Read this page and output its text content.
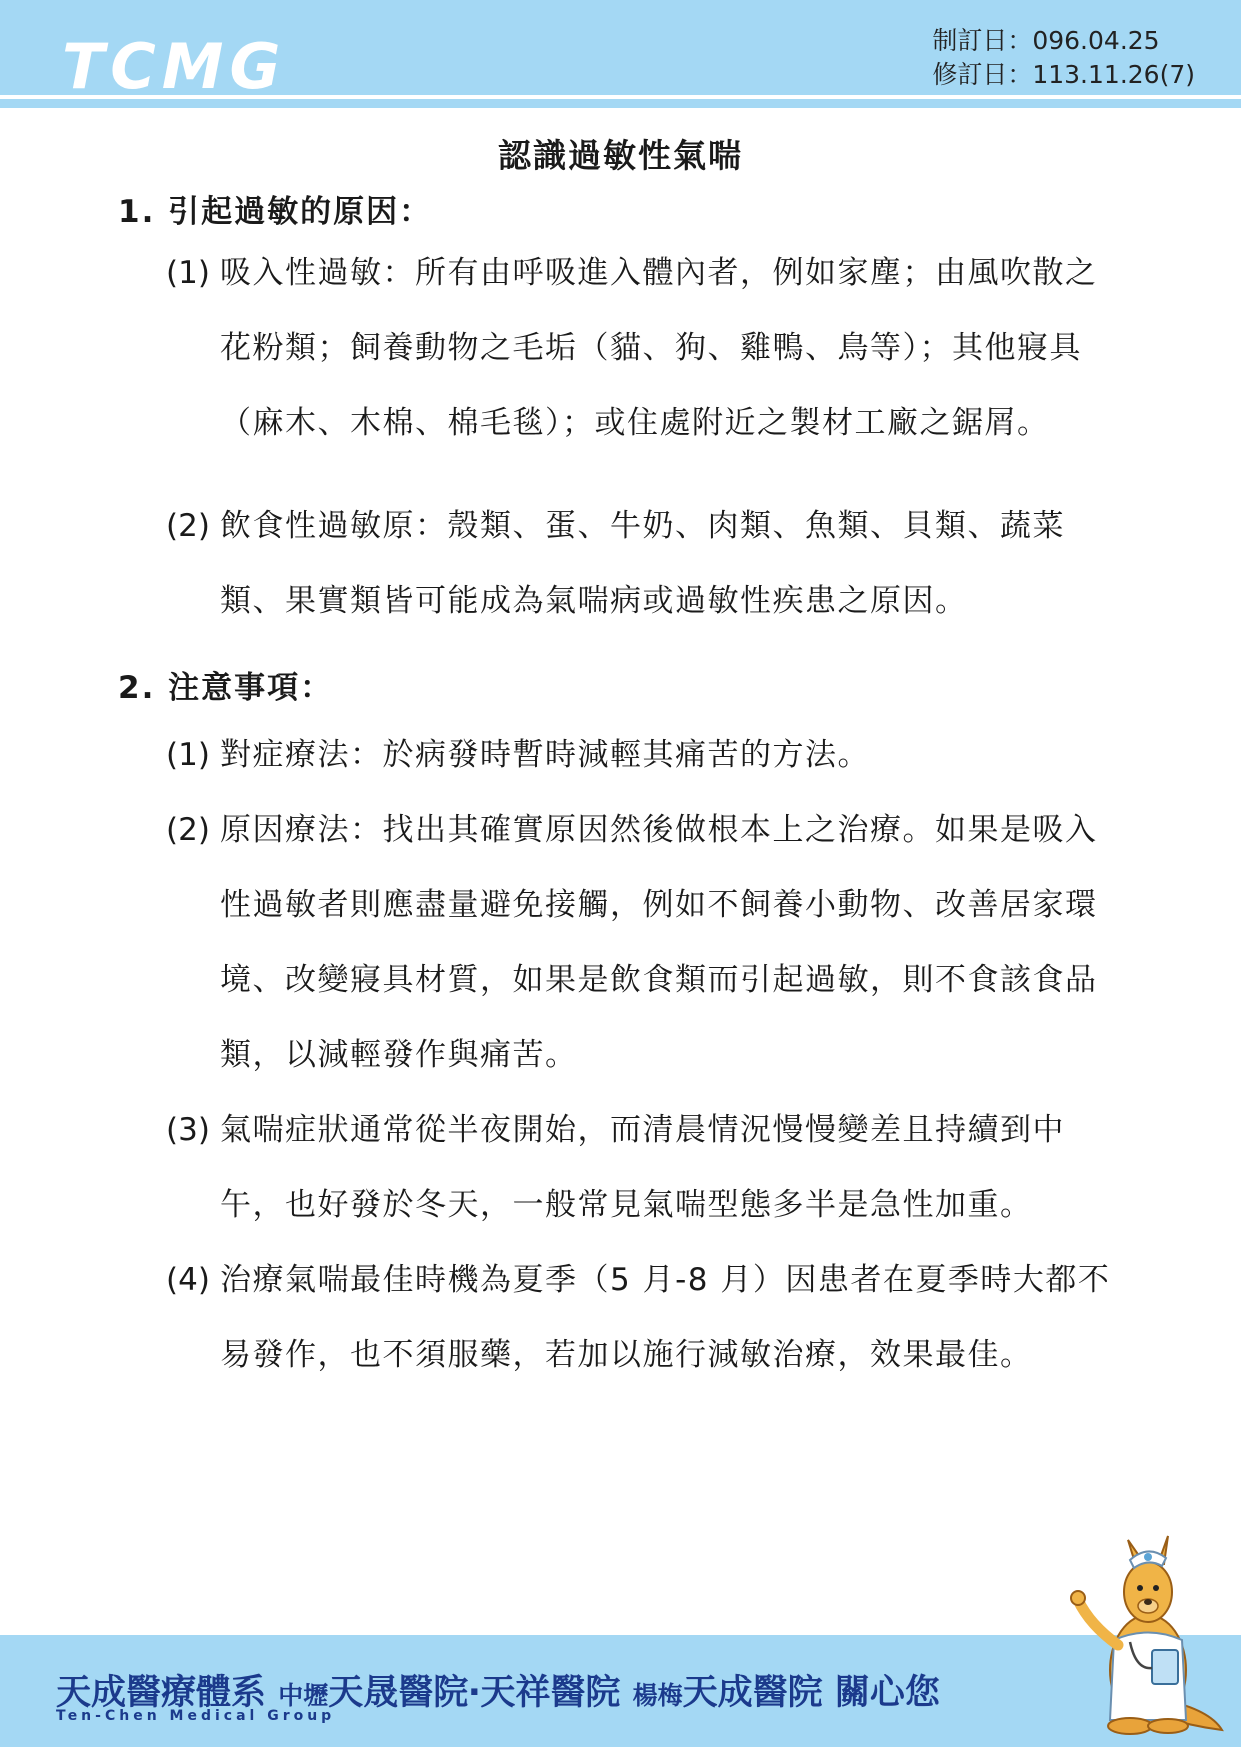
TCMG	制訂日：096.04.25
修訂日：113.11.26(7)
認識過敏性氣喘
1. 引起過敏的原因：
(1) 吸入性過敏：所有由呼吸進入體內者，例如家塵；由風吹散之
花粉類；飼養動物之毛垢（貓、狗、雞鴨、鳥等）；其他寢具
（麻木、木棉、棉毛毯）；或住處附近之製材工廠之鋸屑。
(2) 飲食性過敏原：殼類、蛋、牛奶、肉類、魚類、貝類、蔬菜
類、果實類皆可能成為氣喘病或過敏性疾患之原因。
2. 注意事項：
(1) 對症療法：於病發時暫時減輕其痛苦的方法。
(2) 原因療法：找出其確實原因然後做根本上之治療。如果是吸入
性過敏者則應盡量避免接觸，例如不飼養小動物、改善居家環
境、改變寢具材質，如果是飲食類而引起過敏，則不食該食品
類，以減輕發作與痛苦。
(3) 氣喘症狀通常從半夜開始，而清晨情況慢慢變差且持續到中
午，也好發於冬天，一般常見氣喘型態多半是急性加重。
(4) 治療氣喘最佳時機為夏季（5 月-8 月）因患者在夏季時大都不
易發作，也不須服藥，若加以施行減敏治療，效果最佳。
天成醫療體系 中壢天晟醫院‧天祥醫院 楊梅天成醫院 關心您
Ten-Chen Medical Group
